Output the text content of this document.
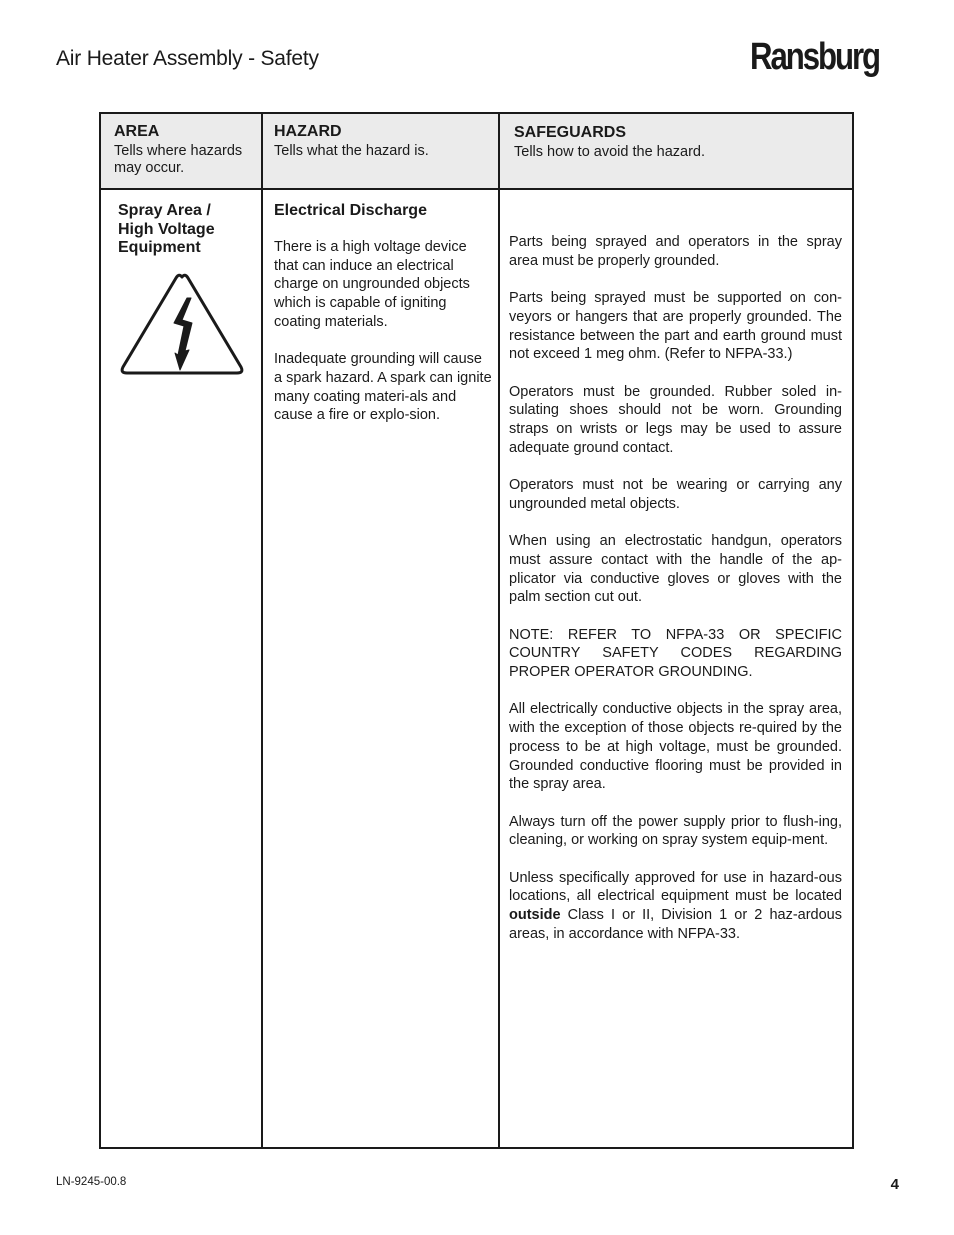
Air Heater Assembly - Safety	Ransburg
AREA
Tells where hazards may occur.
HAZARD
Tells what the hazard is.
SAFEGUARDS
Tells how to avoid the hazard.
Spray Area / High Voltage Equipment
Electrical Discharge

There is a high voltage device that can induce an electrical charge on ungrounded objects which is capable of igniting coating materials.

Inadequate grounding will cause a spark hazard. A spark can ignite many coating materi-als and cause a fire or explo-sion.

Parts being sprayed and operators in the spray area must be properly grounded.

Parts being sprayed must be supported on con-veyors or hangers that are properly grounded. The resistance between the part and earth ground must not exceed 1 meg ohm. (Refer to NFPA-33.)

Operators must be grounded. Rubber soled in-sulating shoes should not be worn. Grounding straps on wrists or legs may be used to assure adequate ground contact.

Operators must not be wearing or carrying any ungrounded metal objects.

When using an electrostatic handgun, operators must assure contact with the handle of the ap-plicator via conductive gloves or gloves with the palm section cut out.

NOTE: REFER TO NFPA-33 OR SPECIFIC COUNTRY SAFETY CODES REGARDING PROPER OPERATOR GROUNDING.

All electrically conductive objects in the spray area, with the exception of those objects re-quired by the process to be at high voltage, must be grounded. Grounded conductive flooring must be provided in the spray area.

Always turn off the power supply prior to flush-ing, cleaning, or working on spray system equip-ment.

Unless specifically approved for use in hazard-ous locations, all electrical equipment must be located outside Class I or II, Division 1 or 2 haz-ardous areas, in accordance with NFPA-33.

LN-9245-00.8	4
